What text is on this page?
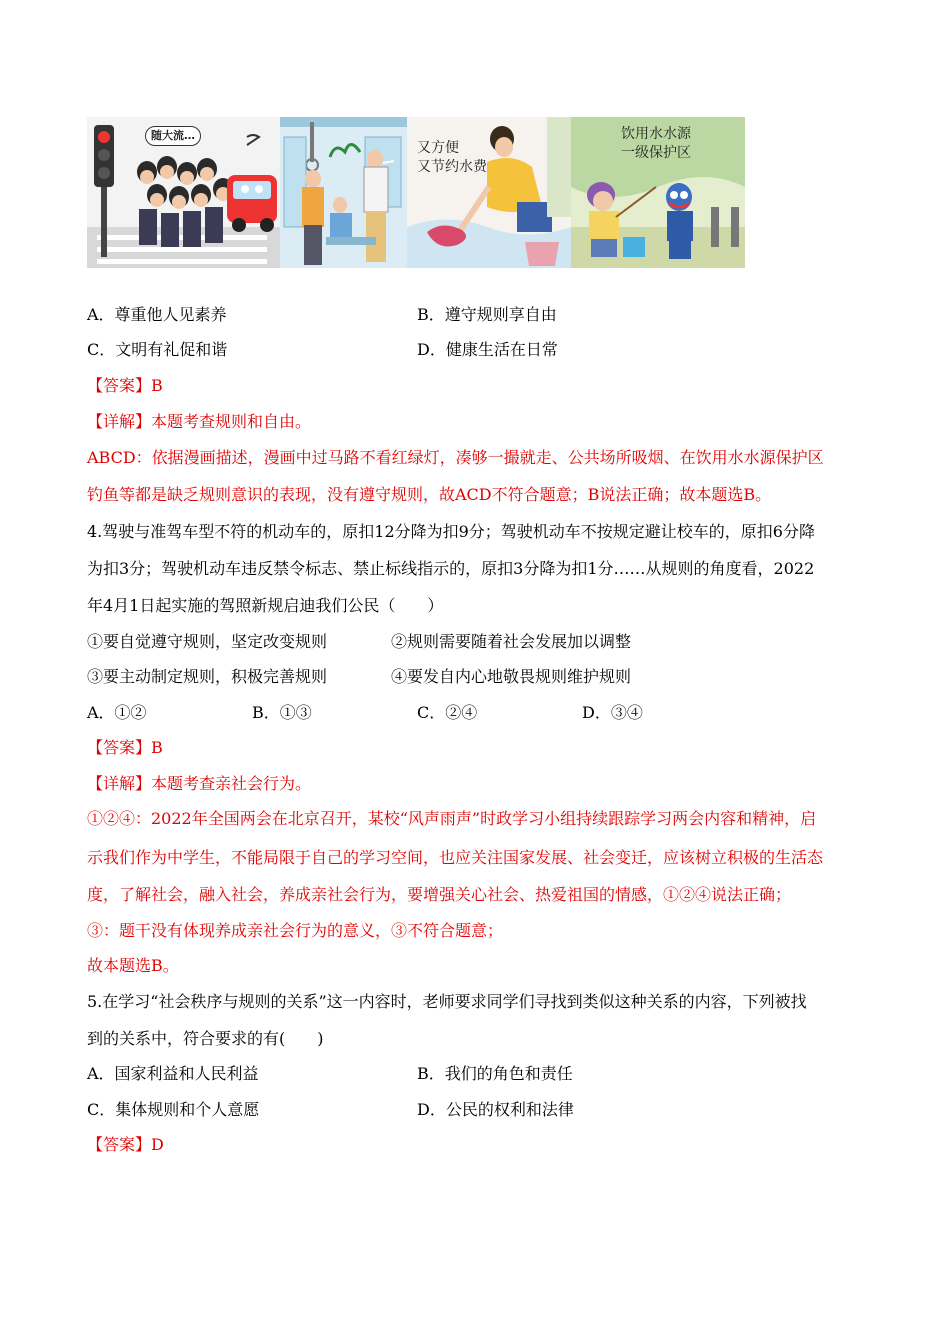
随大流…
又方便
又节约水费
饮用水水源
一级保护区
A．尊重他人见素养	B．遵守规则享自由
C．文明有礼促和谐	D．健康生活在日常
【答案】B
【详解】本题考查规则和自由。
ABCD：依据漫画描述，漫画中过马路不看红绿灯，凑够一撮就走、公共场所吸烟、在饮用水水源保护区
钓鱼等都是缺乏规则意识的表现，没有遵守规则，故ACD不符合题意；B说法正确；故本题选B。
4.驾驶与准驾车型不符的机动车的，原扣12分降为扣9分；驾驶机动车不按规定避让校车的，原扣6分降
为扣3分；驾驶机动车违反禁令标志、禁止标线指示的，原扣3分降为扣1分……从规则的角度看，2022
年4月1日起实施的驾照新规启迪我们公民（　　）
①要自觉遵守规则，坚定改变规则	②规则需要随着社会发展加以调整
③要主动制定规则，积极完善规则	④要发自内心地敬畏规则维护规则
A．①②	B．①③	C．②④	D．③④
【答案】B
【详解】本题考查亲社会行为。
①②④：2022年全国两会在北京召开，某校“风声雨声”时政学习小组持续跟踪学习两会内容和精神，启
示我们作为中学生，不能局限于自己的学习空间，也应关注国家发展、社会变迁，应该树立积极的生活态
度，了解社会，融入社会，养成亲社会行为，要增强关心社会、热爱祖国的情感，①②④说法正确；
③：题干没有体现养成亲社会行为的意义，③不符合题意；
故本题选B。
5.在学习“社会秩序与规则的关系”这一内容时，老师要求同学们寻找到类似这种关系的内容，下列被找
到的关系中，符合要求的有(　　)
A．国家利益和人民利益	B．我们的角色和责任
C．集体规则和个人意愿	D．公民的权利和法律
【答案】D
